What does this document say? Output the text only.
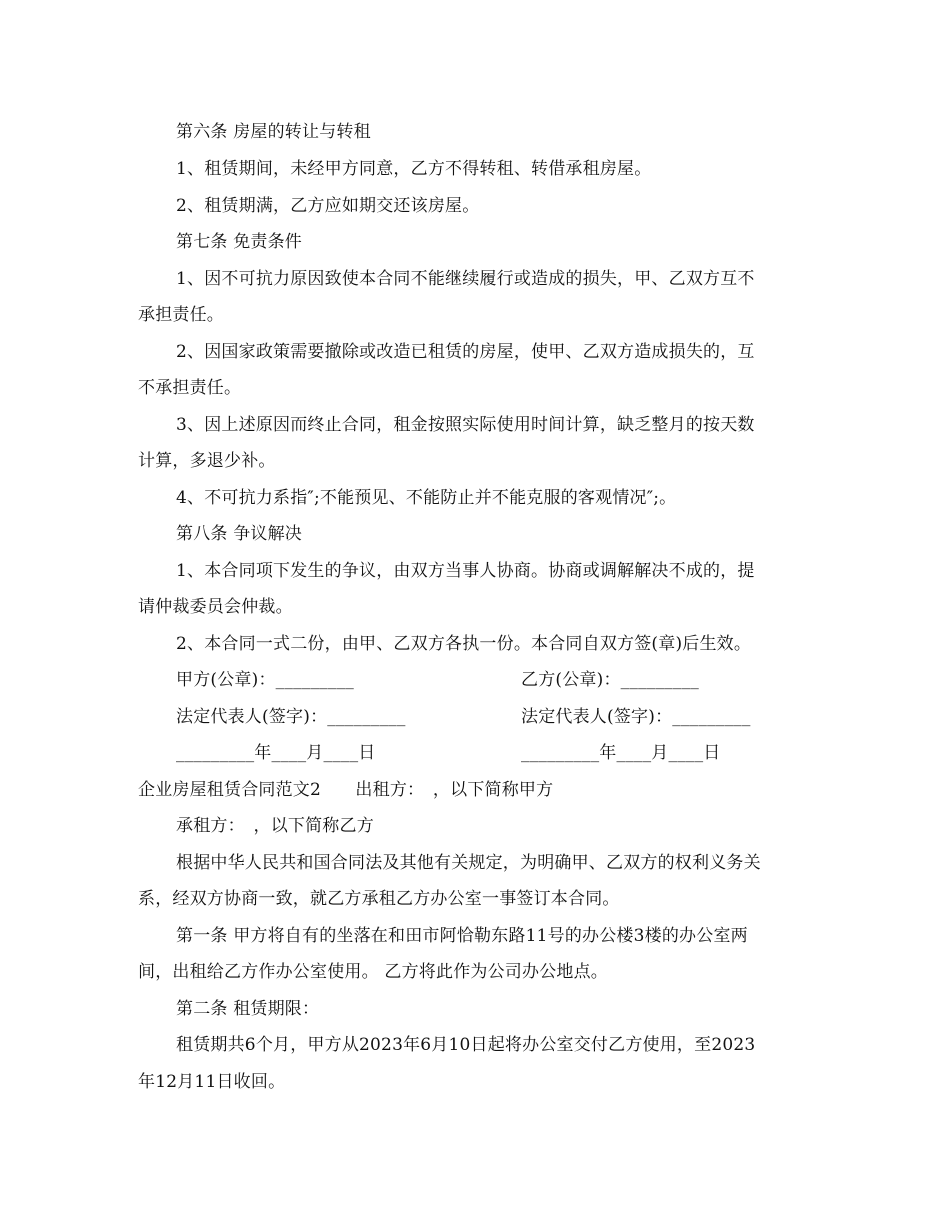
第六条 房屋的转让与转租
1、租赁期间，未经甲方同意，乙方不得转租、转借承租房屋。
2、租赁期满，乙方应如期交还该房屋。
第七条 免责条件
1、因不可抗力原因致使本合同不能继续履行或造成的损失，甲、乙双方互不
承担责任。
2、因国家政策需要撤除或改造已租赁的房屋，使甲、乙双方造成损失的，互
不承担责任。
3、因上述原因而终止合同，租金按照实际使用时间计算，缺乏整月的按天数
计算，多退少补。
4、不可抗力系指″;不能预见、不能防止并不能克服的客观情况″;。
第八条 争议解决
1、本合同项下发生的争议，由双方当事人协商。协商或调解解决不成的，提
请仲裁委员会仲裁。
2、本合同一式二份，由甲、乙双方各执一份。本合同自双方签(章)后生效。
甲方(公章)：_________	乙方(公章)：_________
法定代表人(签字)：_________	法定代表人(签字)：_________
_________年____月____日	_________年____月____日
企业房屋租赁合同范文2　　出租方：　，以下简称甲方
承租方：　，以下简称乙方
根据中华人民共和国合同法及其他有关规定，为明确甲、乙双方的权利义务关
系，经双方协商一致，就乙方承租乙方办公室一事签订本合同。
第一条 甲方将自有的坐落在和田市阿恰勒东路11号的办公楼3楼的办公室两
间，出租给乙方作办公室使用。 乙方将此作为公司办公地点。
第二条 租赁期限：
租赁期共6个月，甲方从2023年6月10日起将办公室交付乙方使用，至2023
年12月11日收回。
